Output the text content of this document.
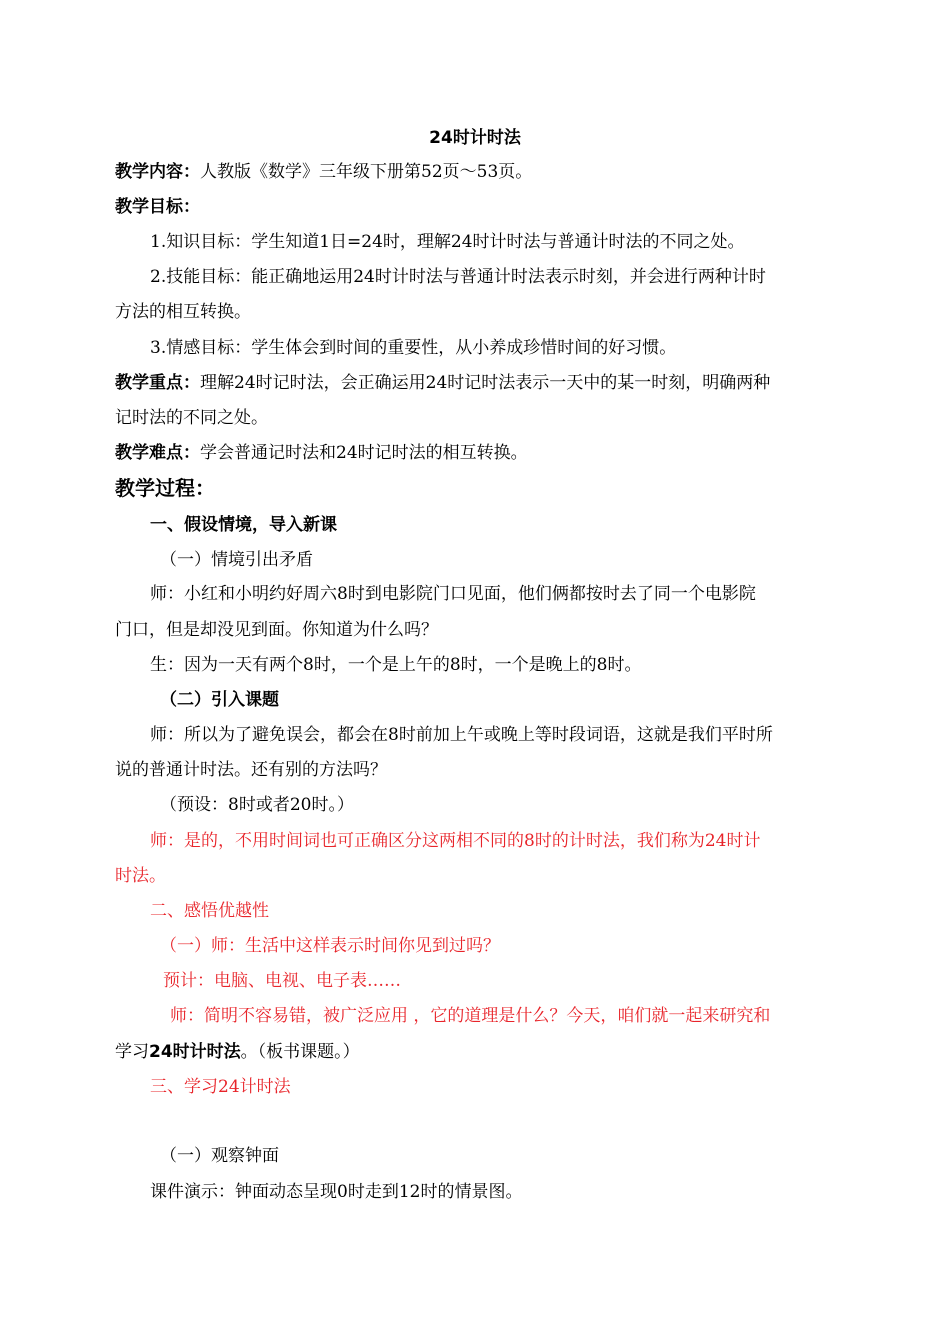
24时计时法
教学内容：人教版《数学》三年级下册第52页～53页。
教学目标：
1.知识目标：学生知道1日=24时，理解24时计时法与普通计时法的不同之处。
2.技能目标：能正确地运用24时计时法与普通计时法表示时刻，并会进行两种计时
方法的相互转换。
3.情感目标：学生体会到时间的重要性，从小养成珍惜时间的好习惯。
教学重点：理解24时记时法，会正确运用24时记时法表示一天中的某一时刻，明确两种
记时法的不同之处。
教学难点：学会普通记时法和24时记时法的相互转换。
教学过程：
一、假设情境，导入新课
（一）情境引出矛盾
师：小红和小明约好周六8时到电影院门口见面，他们俩都按时去了同一个电影院
门口，但是却没见到面。你知道为什么吗？
生：因为一天有两个8时，一个是上午的8时，一个是晚上的8时。
（二）引入课题
师：所以为了避免误会，都会在8时前加上午或晚上等时段词语，这就是我们平时所
说的普通计时法。还有别的方法吗？
（预设：8时或者20时。）
师：是的，不用时间词也可正确区分这两相不同的8时的计时法，我们称为24时计
时法。
二、感悟优越性
（一）师：生活中这样表示时间你见到过吗？
预计：电脑、电视、电子表……
师：简明不容易错，被广泛应用 ，它的道理是什么？今天，咱们就一起来研究和
学习24时计时法。（板书课题。）
三、学习24计时法
（一）观察钟面
课件演示：钟面动态呈现0时走到12时的情景图。
